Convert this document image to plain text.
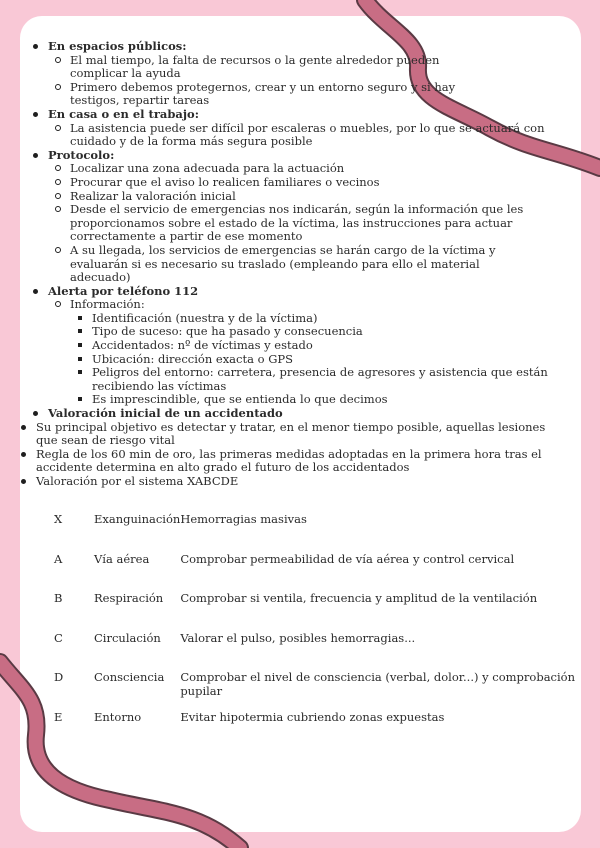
En espacios públicos:
El mal tiempo, la falta de recursos o la gente alrededor pueden complicar la ayuda
Primero debemos protegernos, crear y un entorno seguro y si hay testigos, repartir tareas
En casa o en el trabajo:
La asistencia puede ser difícil por escaleras o muebles, por lo que se actuará con cuidado y de la forma más segura posible
Protocolo:
Localizar una zona adecuada para la actuación
Procurar que el aviso lo realicen familiares o vecinos
Realizar la valoración inicial
Desde el servicio de emergencias nos indicarán, según la información que les proporcionamos sobre el estado de la víctima, las instrucciones para actuar correctamente a partir de ese momento
A su llegada, los servicios de emergencias se harán cargo de la víctima y evaluarán si es necesario su traslado (empleando para ello el material adecuado)
Alerta por teléfono 112
Información:
Identificación (nuestra y de la víctima)
Tipo de suceso: que ha pasado y consecuencia
Accidentados: nº de víctimas y estado
Ubicación: dirección exacta o GPS
Peligros del entorno: carretera, presencia de agresores y asistencia que están recibiendo las víctimas
Es imprescindible, que se entienda lo que decimos
Valoración inicial de un accidentado
Su principal objetivo es detectar y tratar, en el menor tiempo posible, aquellas lesiones que sean de riesgo vital
Regla de los 60 min de oro, las primeras medidas adoptadas en la primera hora tras el accidente determina en alto grado el futuro de los accidentados
Valoración por el sistema XABCDE
X	Exanguinación	Hemorragias masivas
A	Vía aérea	Comprobar permeabilidad de vía aérea y control cervical
B	Respiración	Comprobar si ventila, frecuencia y amplitud de la ventilación
C	Circulación	Valorar el pulso, posibles hemorragias...
D	Consciencia	Comprobar el nivel de consciencia (verbal, dolor...) y comprobación pupilar
E	Entorno	Evitar hipotermia cubriendo zonas expuestas
